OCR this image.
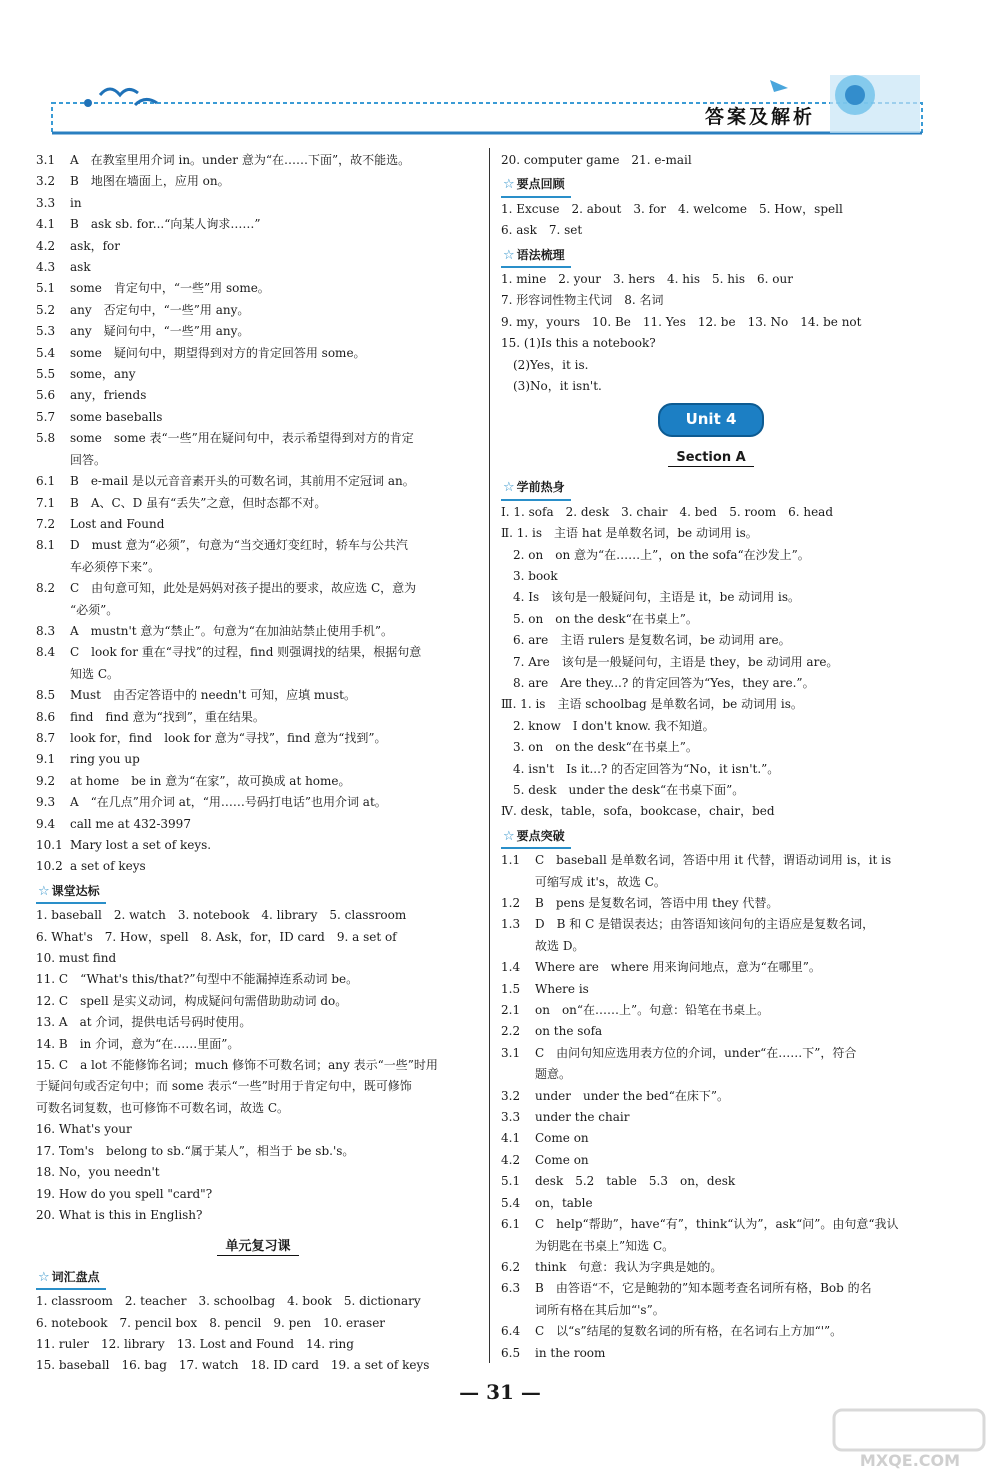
答案及解析
3.1 A　在教室里用介词 in。under 意为“在……下面”，故不能选。
3.2 B　地图在墙面上，应用 on。
3.3 in
4.1 B　ask sb. for...“向某人询求……”
4.2 ask，for
4.3 ask
5.1 some　肯定句中，“一些”用 some。
5.2 any　否定句中，“一些”用 any。
5.3 any　疑问句中，“一些”用 any。
5.4 some　疑问句中，期望得到对方的肯定回答用 some。
5.5 some，any
5.6 any，friends
5.7 some baseballs
5.8 some　some 表“一些”用在疑问句中，表示希望得到对方的肯定
回答。
6.1 B　e-mail 是以元音音素开头的可数名词，其前用不定冠词 an。
7.1 B　A、C、D 虽有“丢失”之意，但时态都不对。
7.2 Lost and Found
8.1 D　must 意为“必须”，句意为“当交通灯变红时，轿车与公共汽
车必须停下来”。
8.2 C　由句意可知，此处是妈妈对孩子提出的要求，故应选 C，意为
“必须”。
8.3 A　mustn't 意为“禁止”。句意为“在加油站禁止使用手机”。
8.4 C　look for 重在“寻找”的过程，find 则强调找的结果，根据句意
知选 C。
8.5 Must　由否定答语中的 needn't 可知，应填 must。
8.6 find　find 意为“找到”，重在结果。
8.7 look for，find　look for 意为“寻找”，find 意为“找到”。
9.1 ring you up
9.2 at home　be in 意为“在家”，故可换成 at home。
9.3 A　“在几点”用介词 at，“用……号码打电话”也用介词 at。
9.4 call me at 432-3997
10.1 Mary lost a set of keys.
10.2 a set of keys
☆ 课堂达标
1. baseball　2. watch　3. notebook　4. library　5. classroom
6. What's　7. How，spell　8. Ask，for，ID card　9. a set of
10. must find
11. C　“What's this/that?”句型中不能漏掉连系动词 be。
12. C　spell 是实义动词，构成疑问句需借助助动词 do。
13. A　at 介词，提供电话号码时使用。
14. B　in 介词，意为“在……里面”。
15. C　a lot 不能修饰名词；much 修饰不可数名词；any 表示“一些”时用
于疑问句或否定句中；而 some 表示“一些”时用于肯定句中，既可修饰
可数名词复数，也可修饰不可数名词，故选 C。
16. What's your
17. Tom's　belong to sb.“属于某人”，相当于 be sb.'s。
18. No，you needn't
19. How do you spell "card"?
20. What is this in English?
单元复习课
☆ 词汇盘点
1. classroom　2. teacher　3. schoolbag　4. book　5. dictionary
6. notebook　7. pencil box　8. pencil　9. pen　10. eraser
11. ruler　12. library　13. Lost and Found　14. ring
15. baseball　16. bag　17. watch　18. ID card　19. a set of keys
20. computer game　21. e-mail
☆ 要点回顾
1. Excuse　2. about　3. for　4. welcome　5. How，spell
6. ask　7. set
☆ 语法梳理
1. mine　2. your　3. hers　4. his　5. his　6. our
7. 形容词性物主代词　8. 名词
9. my，yours　10. Be　11. Yes　12. be　13. No　14. be not
15. (1)Is this a notebook?
　(2)Yes，it is.
　(3)No，it isn't.
Unit 4
Section A
☆ 学前热身
Ⅰ. 1. sofa　2. desk　3. chair　4. bed　5. room　6. head
Ⅱ. 1. is　主语 hat 是单数名词，be 动词用 is。
　2. on　on 意为“在……上”，on the sofa“在沙发上”。
　3. book
　4. Is　该句是一般疑问句，主语是 it，be 动词用 is。
　5. on　on the desk“在书桌上”。
　6. are　主语 rulers 是复数名词，be 动词用 are。
　7. Are　该句是一般疑问句，主语是 they，be 动词用 are。
　8. are　Are they...? 的肯定回答为“Yes，they are.”。
Ⅲ. 1. is　主语 schoolbag 是单数名词，be 动词用 is。
　2. know　I don't know. 我不知道。
　3. on　on the desk“在书桌上”。
　4. isn't　Is it...? 的否定回答为“No，it isn't.”。
　5. desk　under the desk“在书桌下面”。
Ⅳ. desk，table，sofa，bookcase，chair，bed
☆ 要点突破
1.1 C　baseball 是单数名词，答语中用 it 代替，谓语动词用 is，it is
可缩写成 it's，故选 C。
1.2 B　pens 是复数名词，答语中用 they 代替。
1.3 D　B 和 C 是错误表达；由答语知该问句的主语应是复数名词，
故选 D。
1.4 Where are　where 用来询问地点，意为“在哪里”。
1.5 Where is
2.1 on　on“在……上”。句意：铅笔在书桌上。
2.2 on the sofa
3.1 C　由问句知应选用表方位的介词，under“在……下”，符合
题意。
3.2 under　under the bed“在床下”。
3.3 under the chair
4.1 Come on
4.2 Come on
5.1 desk　5.2　table　5.3　on，desk
5.4 on，table
6.1 C　help“帮助”，have“有”，think“认为”，ask“问”。由句意“我认
为钥匙在书桌上”知选 C。
6.2 think　句意：我认为字典是她的。
6.3 B　由答语“不，它是鲍勃的”知本题考查名词所有格，Bob 的名
词所有格在其后加“'s”。
6.4 C　以“s”结尾的复数名词的所有格，在名词右上方加“'”。
6.5 in the room
— 31 —
MXQE.COM
